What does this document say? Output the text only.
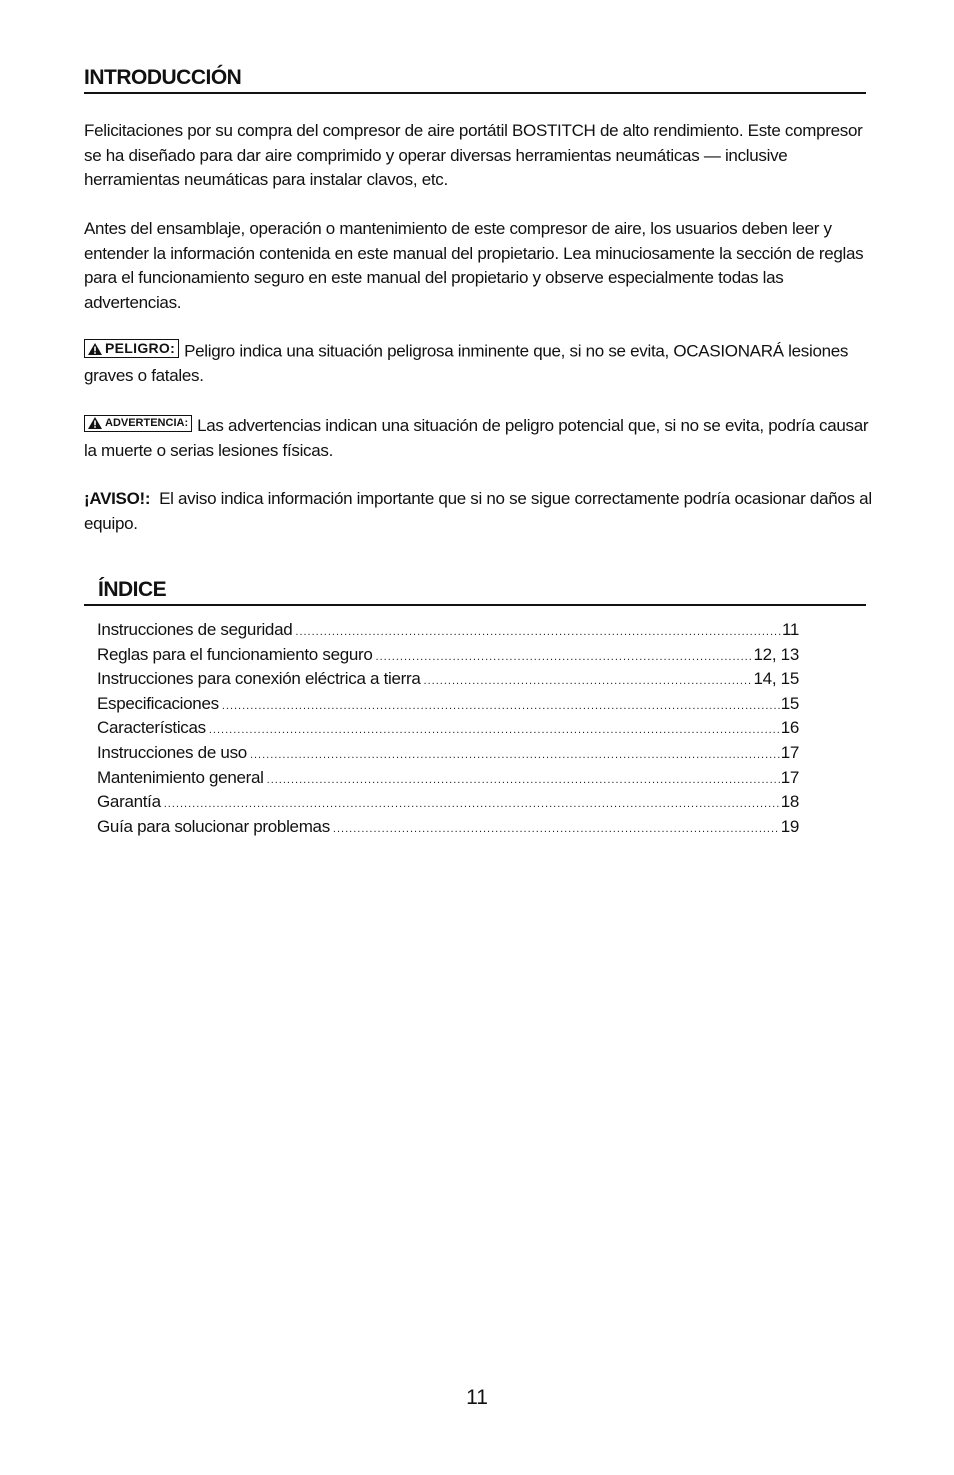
INTRODUCCIÓN

Felicitaciones por su compra del compresor de aire portátil BOSTITCH de alto rendimiento. Este compresor se ha diseñado para dar aire comprimido y operar diversas herramientas neumáticas — inclusive herramientas neumáticas para instalar clavos, etc.

Antes del ensamblaje, operación o mantenimiento de este compresor de aire, los usuarios deben leer y entender la información contenida en este manual del propietario. Lea minuciosamente la sección de reglas para el funcionamiento seguro en este manual del propietario y observe especialmente todas las advertencias.

PELIGRO: Peligro indica una situación peligrosa inminente que, si no se evita, OCASIONARÁ lesiones graves o fatales.

ADVERTENCIA: Las advertencias indican una situación de peligro potencial que, si no se evita, podría causar la muerte o serias lesiones físicas.

¡AVISO!: El aviso indica información importante que si no se sigue correctamente podría ocasionar daños al equipo.

ÍNDICE
Instrucciones de seguridad .....	11
Reglas para el funcionamiento seguro .....	12, 13
Instrucciones para conexión eléctrica a tierra .....	14, 15
Especificaciones .....	15
Características .....	16
Instrucciones de uso .....	17
Mantenimiento general .....	17
Garantía .....	18
Guía para solucionar problemas .....	19
11
